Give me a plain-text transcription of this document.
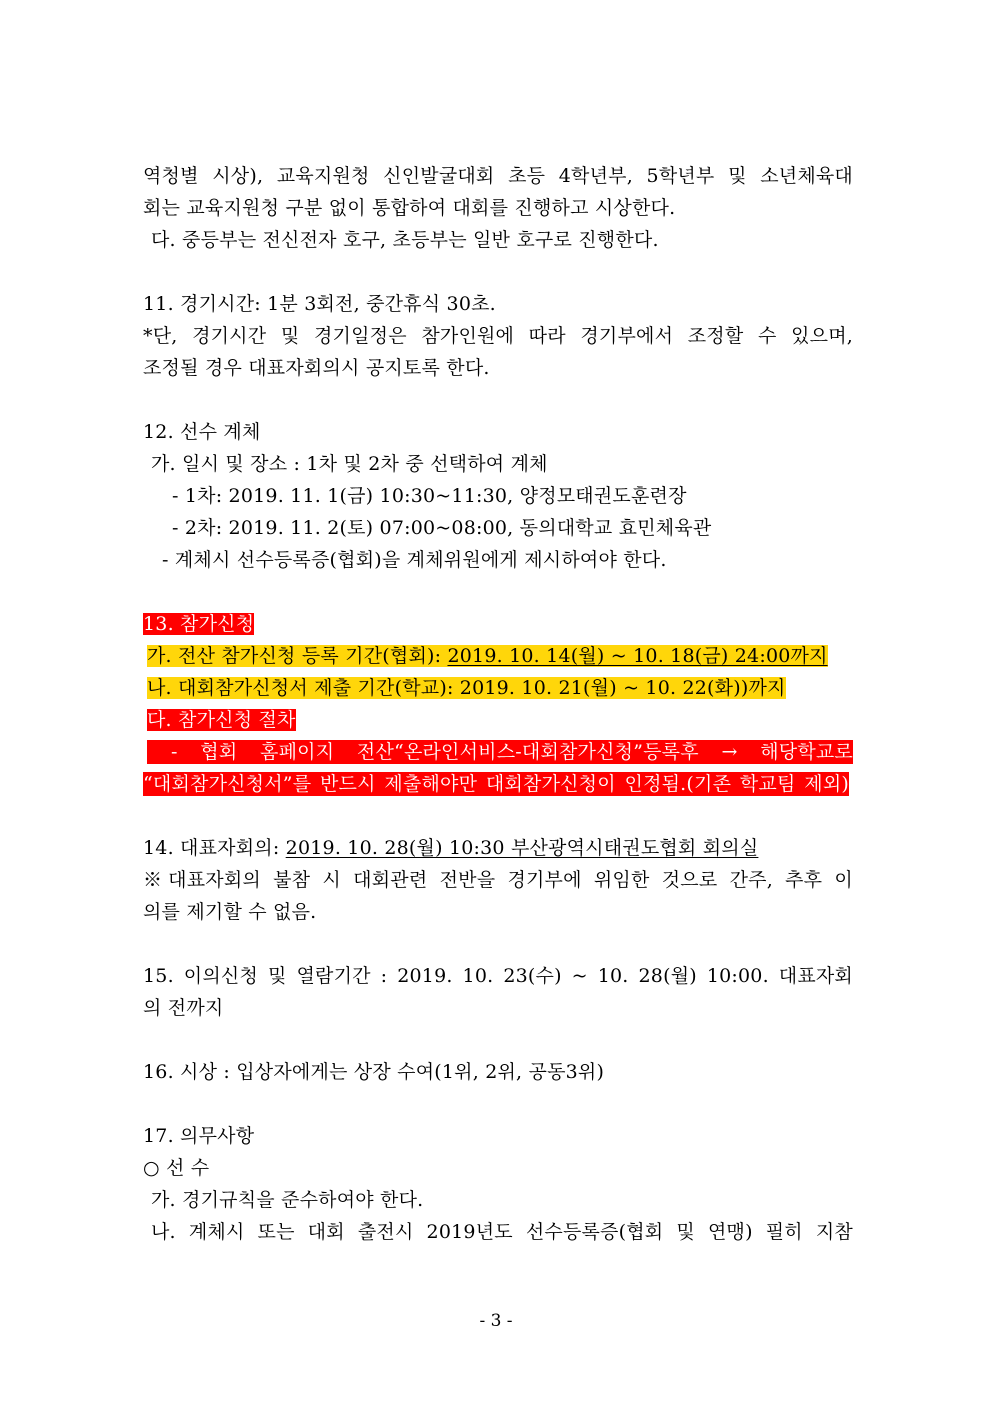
역청별 시상), 교육지원청 신인발굴대회 초등 4학년부, 5학년부 및 소년체육대
회는 교육지원청 구분 없이 통합하여 대회를 진행하고 시상한다.
다. 중등부는 전신전자 호구, 초등부는 일반 호구로 진행한다.
11. 경기시간: 1분 3회전, 중간휴식 30초.
*단, 경기시간 및 경기일정은 참가인원에 따라 경기부에서 조정할 수 있으며,
조정될 경우 대표자회의시 공지토록 한다.
12. 선수 계체
가. 일시 및 장소 : 1차 및 2차 중 선택하여 계체
- 1차: 2019. 11. 1(금) 10:30~11:30, 양정모태권도훈련장
- 2차: 2019. 11. 2(토) 07:00~08:00, 동의대학교 효민체육관
- 계체시 선수등록증(협회)을 계체위원에게 제시하여야 한다.
13. 참가신청
가. 전산 참가신청 등록 기간(협회): 2019. 10. 14(월) ~ 10. 18(금) 24:00까지
나. 대회참가신청서 제출 기간(학교): 2019. 10. 21(월) ~ 10. 22(화))까지
다. 참가신청 절차
- 협회 홈페이지 전산“온라인서비스-대회참가신청”등록후 → 해당학교로
“대회참가신청서”를 반드시 제출해야만 대회참가신청이 인정됨.(기존 학교팀 제외)
14. 대표자회의: 2019. 10. 28(월) 10:30 부산광역시태권도협회 회의실
※대표자회의 불참 시 대회관련 전반을 경기부에 위임한 것으로 간주, 추후 이
의를 제기할 수 없음.
15. 이의신청 및 열람기간 : 2019. 10. 23(수) ~ 10. 28(월) 10:00. 대표자회
의 전까지
16. 시상 : 입상자에게는 상장 수여(1위, 2위, 공동3위)
17. 의무사항
○ 선 수
가. 경기규칙을 준수하여야 한다.
나. 계체시 또는 대회 출전시 2019년도 선수등록증(협회 및 연맹) 필히 지참
- 3 -
